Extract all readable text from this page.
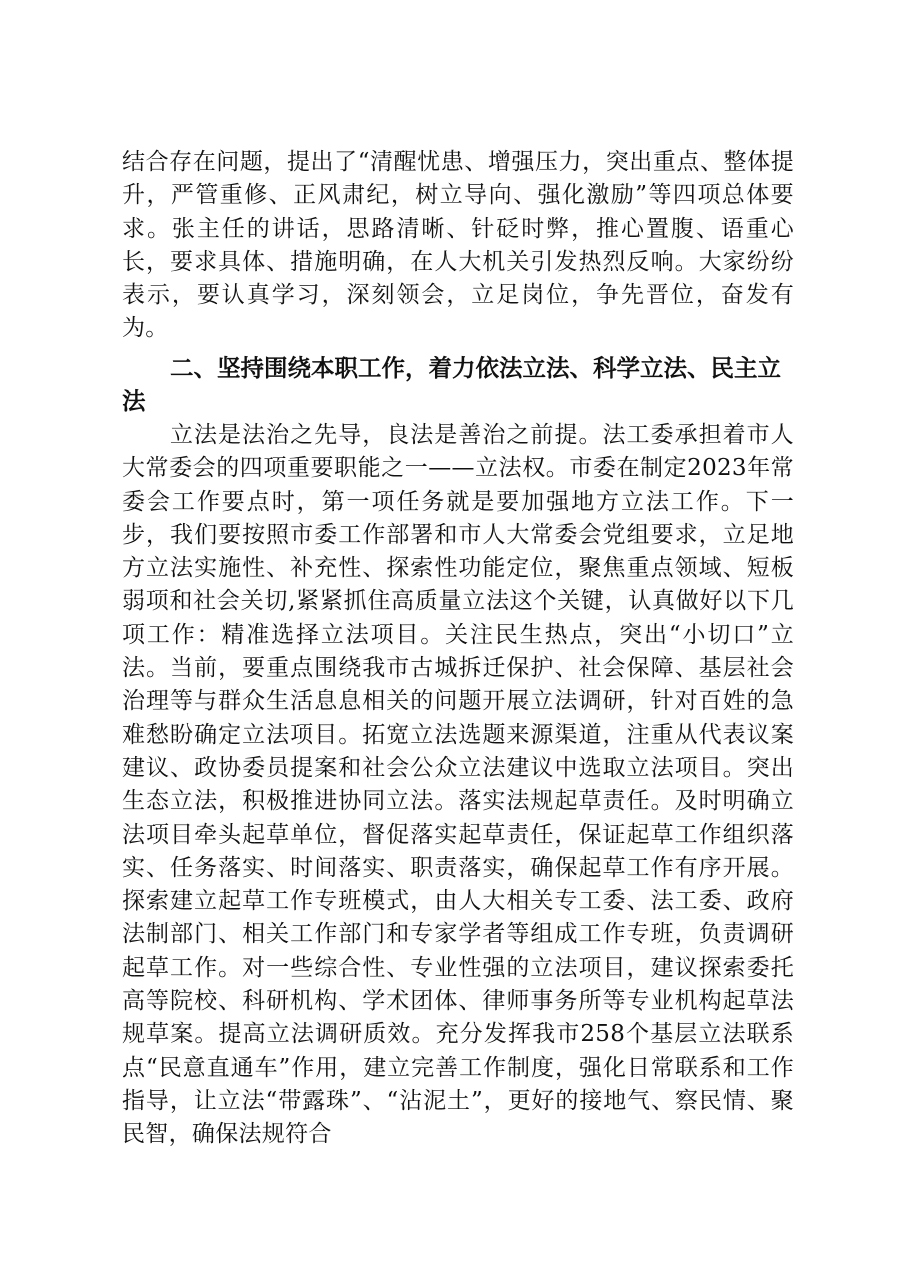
结合存在问题，提出了“清醒忧患、增强压力，突出重点、整体提升，严管重修、正风肃纪，树立导向、强化激励”等四项总体要求。张主任的讲话，思路清晰、针砭时弊，推心置腹、语重心长，要求具体、措施明确，在人大机关引发热烈反响。大家纷纷表示，要认真学习，深刻领会，立足岗位，争先晋位，奋发有为。

二、坚持围绕本职工作，着力依法立法、科学立法、民主立法

立法是法治之先导，良法是善治之前提。法工委承担着市人大常委会的四项重要职能之一——立法权。市委在制定2023年常委会工作要点时，第一项任务就是要加强地方立法工作。下一步，我们要按照市委工作部署和市人大常委会党组要求，立足地方立法实施性、补充性、探索性功能定位，聚焦重点领域、短板弱项和社会关切,紧紧抓住高质量立法这个关键，认真做好以下几项工作：精准选择立法项目。关注民生热点，突出“小切口”立法。当前，要重点围绕我市古城拆迁保护、社会保障、基层社会治理等与群众生活息息相关的问题开展立法调研，针对百姓的急难愁盼确定立法项目。拓宽立法选题来源渠道，注重从代表议案建议、政协委员提案和社会公众立法建议中选取立法项目。突出生态立法，积极推进协同立法。落实法规起草责任。及时明确立法项目牵头起草单位，督促落实起草责任，保证起草工作组织落实、任务落实、时间落实、职责落实，确保起草工作有序开展。探索建立起草工作专班模式，由人大相关专工委、法工委、政府法制部门、相关工作部门和专家学者等组成工作专班，负责调研起草工作。对一些综合性、专业性强的立法项目，建议探索委托高等院校、科研机构、学术团体、律师事务所等专业机构起草法规草案。提高立法调研质效。充分发挥我市258个基层立法联系点“民意直通车”作用，建立完善工作制度，强化日常联系和工作指导，让立法“带露珠”、“沾泥土”，更好的接地气、察民情、聚民智，确保法规符合
